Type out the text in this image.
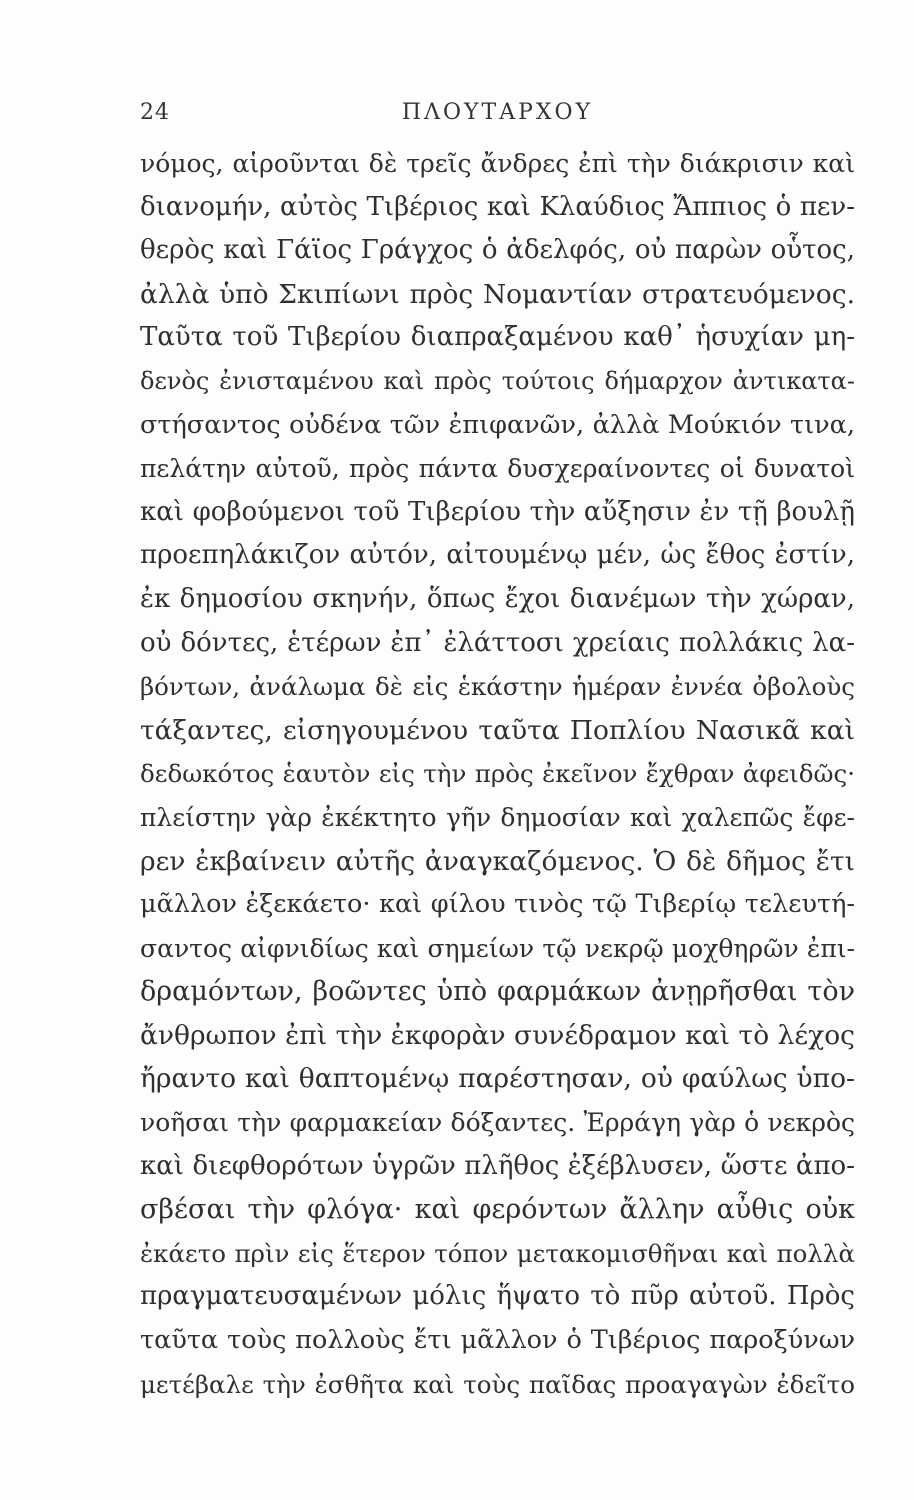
24	ΠΛΟΥΤΑΡΧΟΥ
νόμος, αἱροῦνται δὲ τρεῖς ἄνδρες ἐπὶ τὴν διάκρισιν καὶ
διανομήν, αὐτὸς Τιβέριος καὶ Κλαύδιος Ἄππιος ὁ πεν-
θερὸς καὶ Γάϊος Γράγχος ὁ ἀδελφός, οὐ παρὼν οὗτος,
ἀλλὰ ὑπὸ Σκιπίωνι πρὸς Νομαντίαν στρατευόμενος.
Ταῦτα τοῦ Τιβερίου διαπραξαμένου καθ᾽ ἡσυχίαν μη-
δενὸς ἐνισταμένου καὶ πρὸς τούτοις δήμαρχον ἀντικατα-
στήσαντος οὐδένα τῶν ἐπιφανῶν, ἀλλὰ Μούκιόν τινα,
πελάτην αὐτοῦ, πρὸς πάντα δυσχεραίνοντες οἱ δυνατοὶ
καὶ φοβούμενοι τοῦ Τιβερίου τὴν αὔξησιν ἐν τῇ βουλῇ
προεπηλάκιζον αὐτόν, αἰτουμένῳ μέν, ὡς ἔθος ἐστίν,
ἐκ δημοσίου σκηνήν, ὅπως ἔχοι διανέμων τὴν χώραν,
οὐ δόντες, ἑτέρων ἐπ᾽ ἐλάττοσι χρείαις πολλάκις λα-
βόντων, ἀνάλωμα δὲ εἰς ἑκάστην ἡμέραν ἐννέα ὀβολοὺς
τάξαντες, εἰσηγουμένου ταῦτα Ποπλίου Νασικᾶ καὶ
δεδωκότος ἑαυτὸν εἰς τὴν πρὸς ἐκεῖνον ἔχθραν ἀφειδῶς·
πλείστην γὰρ ἐκέκτητο γῆν δημοσίαν καὶ χαλεπῶς ἔφε-
ρεν ἐκβαίνειν αὐτῆς ἀναγκαζόμενος. Ὁ δὲ δῆμος ἔτι
μᾶλλον ἐξεκάετο· καὶ φίλου τινὸς τῷ Τιβερίῳ τελευτή-
σαντος αἰφνιδίως καὶ σημείων τῷ νεκρῷ μοχθηρῶν ἐπι-
δραμόντων, βοῶντες ὑπὸ φαρμάκων ἀνῃρῆσθαι τὸν
ἄνθρωπον ἐπὶ τὴν ἐκφορὰν συνέδραμον καὶ τὸ λέχος
ἤραντο καὶ θαπτομένῳ παρέστησαν, οὐ φαύλως ὑπο-
νοῆσαι τὴν φαρμακείαν δόξαντες. Ἐρράγη γὰρ ὁ νεκρὸς
καὶ διεφθορότων ὑγρῶν πλῆθος ἐξέβλυσεν, ὥστε ἀπο-
σβέσαι τὴν φλόγα· καὶ φερόντων ἄλλην αὖθις οὐκ
ἐκάετο πρὶν εἰς ἕτερον τόπον μετακομισθῆναι καὶ πολλὰ
πραγματευσαμένων μόλις ἥψατο τὸ πῦρ αὐτοῦ. Πρὸς
ταῦτα τοὺς πολλοὺς ἔτι μᾶλλον ὁ Τιβέριος παροξύνων
μετέβαλε τὴν ἐσθῆτα καὶ τοὺς παῖδας προαγαγὼν ἐδεῖτο
